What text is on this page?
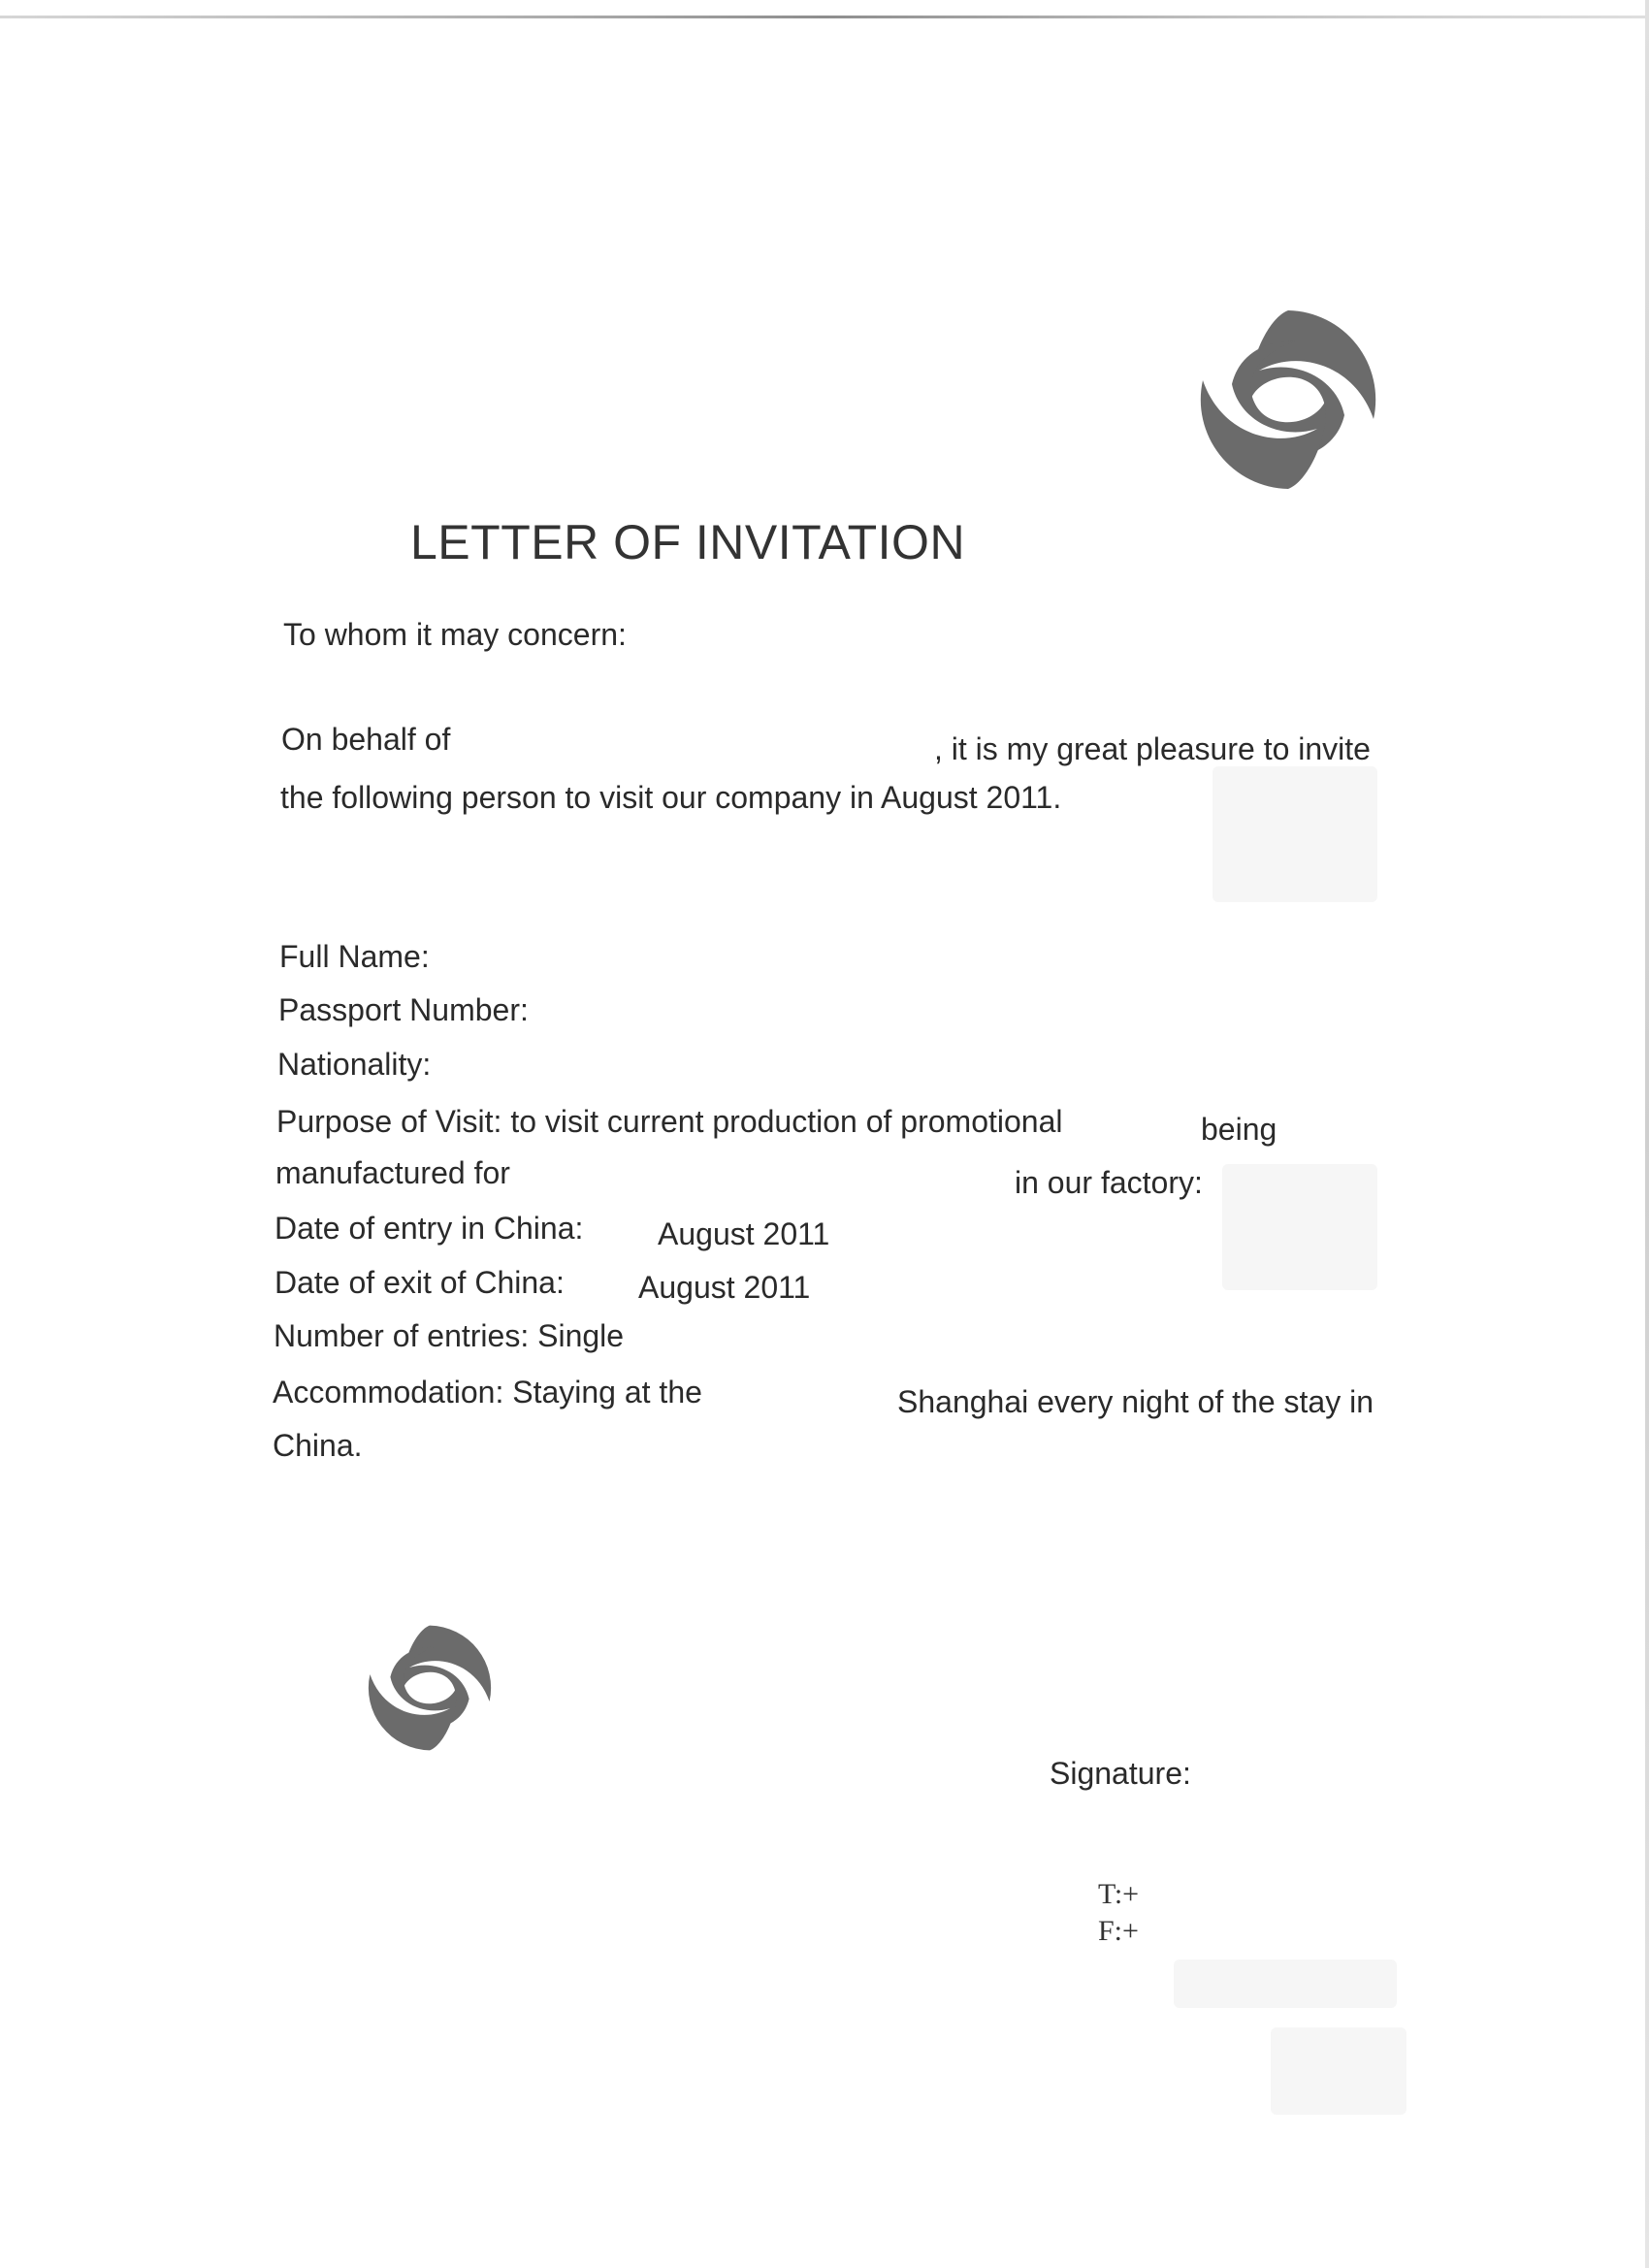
LETTER OF INVITATION
To whom it may concern:
On behalf of	, it is my great pleasure to invite
the following person to visit our company in August 2011.
Full Name:
Passport Number:
Nationality:
Purpose of Visit: to visit current production of promotional	being
manufactured for	in our factory:
Date of entry in China: August 2011
Date of exit of China: August 2011
Number of entries: Single
Accommodation: Staying at the	Shanghai every night of the stay in
China.
Signature:
T:+
F:+
